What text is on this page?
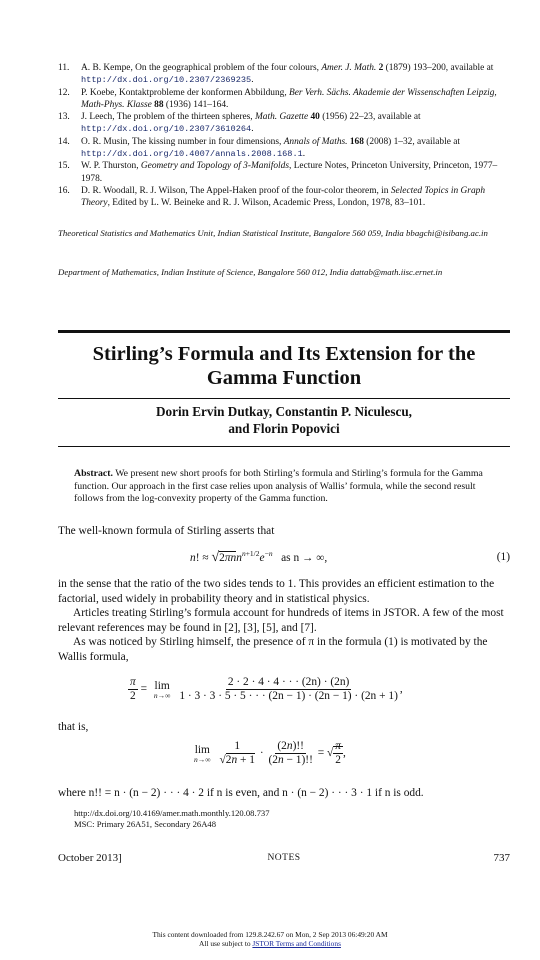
11.	A. B. Kempe, On the geographical problem of the four colours, Amer. J. Math. 2 (1879) 193–200, available at http://dx.doi.org/10.2307/2369235.
12.	P. Koebe, Kontaktprobleme der konformen Abbildung, Ber Verh. Sächs. Akademie der Wissenschaften Leipzig, Math-Phys. Klasse 88 (1936) 141–164.
13.	J. Leech, The problem of the thirteen spheres, Math. Gazette 40 (1956) 22–23, available at http://dx.doi.org/10.2307/3610264.
14.	O. R. Musin, The kissing number in four dimensions, Annals of Maths. 168 (2008) 1–32, available at http://dx.doi.org/10.4007/annals.2008.168.1.
15.	W. P. Thurston, Geometry and Topology of 3-Manifolds, Lecture Notes, Princeton University, Princeton, 1977–1978.
16.	D. R. Woodall, R. J. Wilson, The Appel-Haken proof of the four-color theorem, in Selected Topics in Graph Theory, Edited by L. W. Beineke and R. J. Wilson, Academic Press, London, 1978, 83–101.
Theoretical Statistics and Mathematics Unit, Indian Statistical Institute, Bangalore 560 059, India bbagchi@isibang.ac.in
Department of Mathematics, Indian Institute of Science, Bangalore 560 012, India dattab@math.iisc.ernet.in
Stirling’s Formula and Its Extension for the Gamma Function
Dorin Ervin Dutkay, Constantin P. Niculescu,
and Florin Popovici
Abstract. We present new short proofs for both Stirling’s formula and Stirling’s formula for the Gamma function. Our approach in the first case relies upon analysis of Wallis’ formula, while the second result follows from the log-convexity property of the Gamma function.
The well-known formula of Stirling asserts that
n! ≈ $√2\pi nn^{n+1/2}e^{-n}$ as n → ∞,	(1)

in the sense that the ratio of the two sides tends to 1. This provides an efficient estimation to the factorial, used widely in probability theory and in statistical physics.

Articles treating Stirling’s formula account for hundreds of items in JSTOR. A few of the most relevant references may be found in [2], [3], [5], and [7].

As was noticed by Stirling himself, the presence of π in the formula (1) is motivated by the Wallis formula,

$\frac{\pi}{2} = \lim$
n→∞
$\frac{2 \cdot 2 \cdot 4 \cdot 4 \cdot \cdot \cdot (2n) \cdot (2n)}{1 \cdot 3 \cdot 3 \cdot 5 \cdot 5 \cdot \cdot \cdot (2n - 1) \cdot (2n - 1) \cdot (2n + 1)}$ ,
that is,
lim
n→∞
$\frac{1}{√2n + 1} \cdot \frac{(2n)!!}{(2n - 1)!!}$ = √ $\frac{\pi}{2}$ ,
where n!! = n · (n − 2) · · · 4 · 2 if n is even, and n · (n − 2) · · · 3 · 1 if n is odd.
http://dx.doi.org/10.4169/amer.math.monthly.120.08.737
MSC: Primary 26A51, Secondary 26A48
October 2013]	NOTES	737
This content downloaded from 129.8.242.67 on Mon, 2 Sep 2013 06:49:20 AM
All use subject to JSTOR Terms and Conditions
